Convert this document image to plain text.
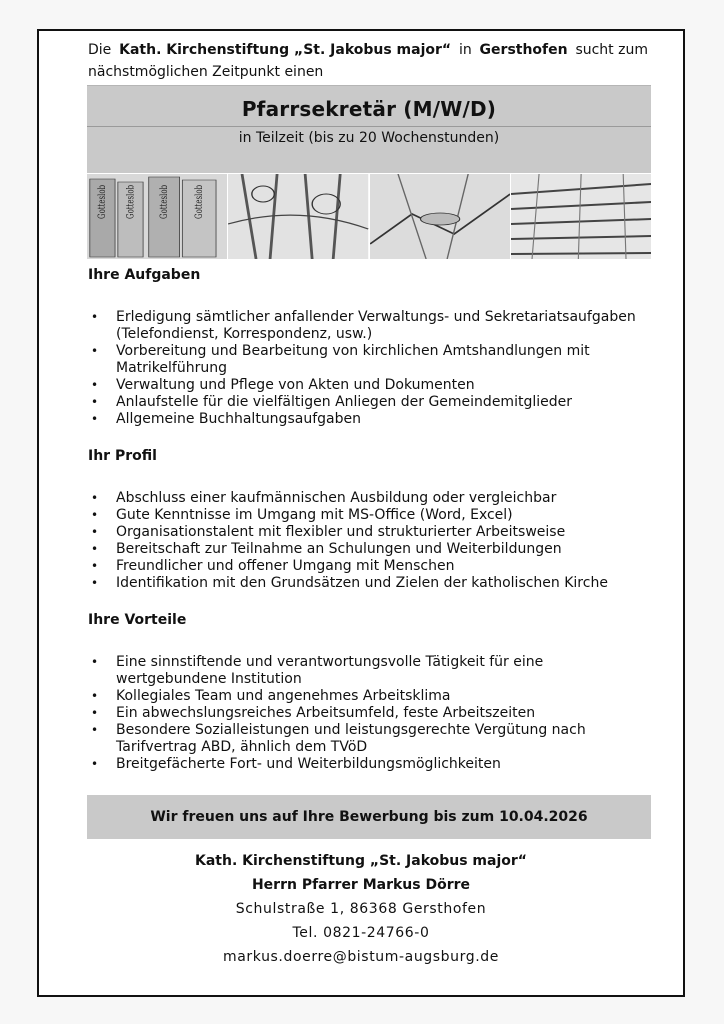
Die Kath. Kirchenstiftung „St. Jakobus major“ in Gersthofen sucht zum
nächstmöglichen Zeitpunkt einen
Pfarrsekretär (M/W/D)
in Teilzeit (bis zu 20 Wochenstunden)
Gotteslob Gotteslob	Gotteslob	Gotteslob
Ihre Aufgaben
• Erledigung sämtlicher anfallender Verwaltungs- und Sekretariatsaufgaben (Telefondienst, Korrespondenz, usw.)
• Vorbereitung und Bearbeitung von kirchlichen Amtshandlungen mit Matrikelführung
• Verwaltung und Pflege von Akten und Dokumenten
• Anlaufstelle für die vielfältigen Anliegen der Gemeindemitglieder
• Allgemeine Buchhaltungsaufgaben
Ihr Profil
• Abschluss einer kaufmännischen Ausbildung oder vergleichbar
• Gute Kenntnisse im Umgang mit MS-Office (Word, Excel)
• Organisationstalent mit flexibler und strukturierter Arbeitsweise
• Bereitschaft zur Teilnahme an Schulungen und Weiterbildungen
• Freundlicher und offener Umgang mit Menschen
• Identifikation mit den Grundsätzen und Zielen der katholischen Kirche
Ihre Vorteile
• Eine sinnstiftende und verantwortungsvolle Tätigkeit für eine wertgebundene Institution
• Kollegiales Team und angenehmes Arbeitsklima
• Ein abwechslungsreiches Arbeitsumfeld, feste Arbeitszeiten
• Besondere Sozialleistungen und leistungsgerechte Vergütung nach Tarifvertrag ABD, ähnlich dem TVöD
• Breitgefächerte Fort- und Weiterbildungsmöglichkeiten
Wir freuen uns auf Ihre Bewerbung bis zum 10.04.2026
Kath. Kirchenstiftung „St. Jakobus major“
Herrn Pfarrer Markus Dörre
Schulstraße 1, 86368 Gersthofen
Tel. 0821-24766-0
markus.doerre@bistum-augsburg.de
